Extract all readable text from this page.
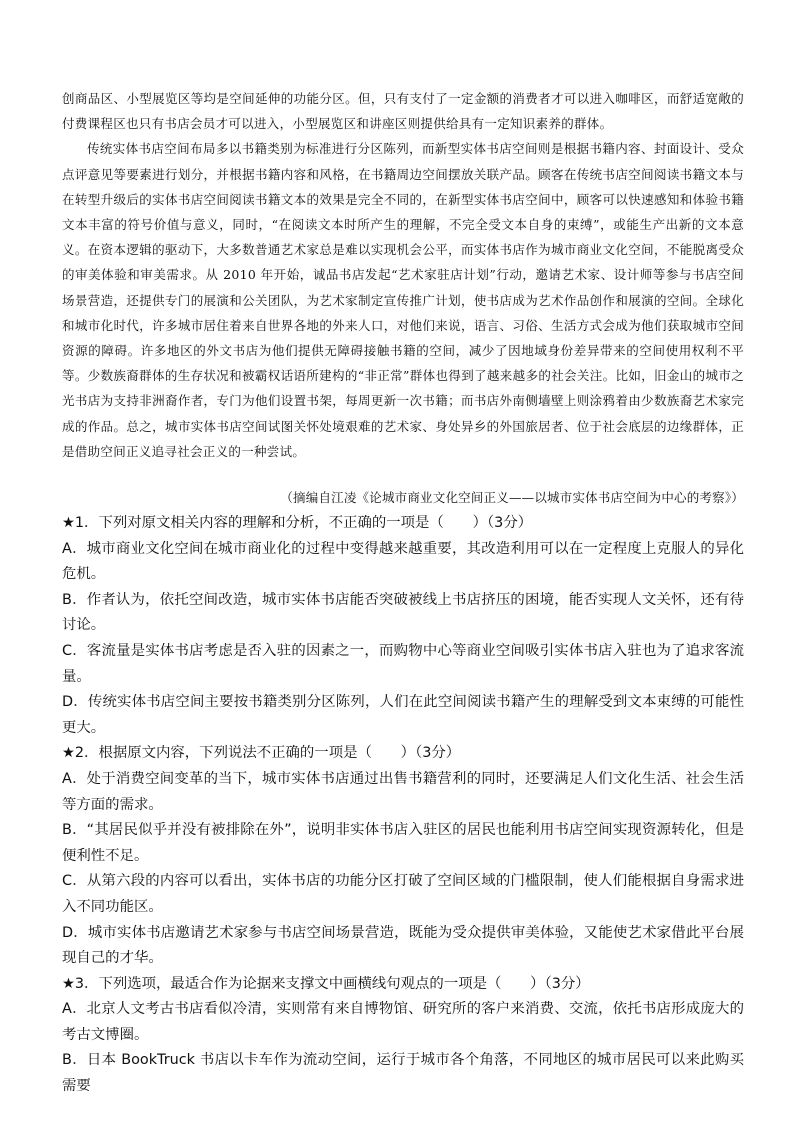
创商品区、小型展览区等均是空间延伸的功能分区。但，只有支付了一定金额的消费者才可以进入咖啡区，而舒适宽敞的付费课程区也只有书店会员才可以进入，小型展览区和讲座区则提供给具有一定知识素养的群体。

传统实体书店空间布局多以书籍类别为标准进行分区陈列，而新型实体书店空间则是根据书籍内容、封面设计、受众点评意见等要素进行划分，并根据书籍内容和风格，在书籍周边空间摆放关联产品。顾客在传统书店空间阅读书籍文本与在转型升级后的实体书店空间阅读书籍文本的效果是完全不同的，在新型实体书店空间中，顾客可以快速感知和体验书籍文本丰富的符号价值与意义，同时，“在阅读文本时所产生的理解，不完全受文本自身的束缚”，或能生产出新的文本意义。在资本逻辑的驱动下，大多数普通艺术家总是难以实现机会公平，而实体书店作为城市商业文化空间，不能脱离受众的审美体验和审美需求。从 2010 年开始，诚品书店发起“艺术家驻店计划”行动，邀请艺术家、设计师等参与书店空间场景营造，还提供专门的展演和公关团队，为艺术家制定宣传推广计划，使书店成为艺术作品创作和展演的空间。全球化和城市化时代，许多城市居住着来自世界各地的外来人口，对他们来说，语言、习俗、生活方式会成为他们获取城市空间资源的障碍。许多地区的外文书店为他们提供无障碍接触书籍的空间，减少了因地域身份差异带来的空间使用权利不平等。少数族裔群体的生存状况和被霸权话语所建构的“非正常”群体也得到了越来越多的社会关注。比如，旧金山的城市之光书店为支持非洲裔作者，专门为他们设置书架，每周更新一次书籍；而书店外南侧墙壁上则涂鸦着由少数族裔艺术家完成的作品。总之，城市实体书店空间试图关怀处境艰难的艺术家、身处异乡的外国旅居者、位于社会底层的边缘群体，正是借助空间正义追寻社会正义的一种尝试。

（摘编自江凌《论城市商业文化空间正义——以城市实体书店空间为中心的考察》）

★1．下列对原文相关内容的理解和分析，不正确的一项是（　　）（3分）

A．城市商业文化空间在城市商业化的过程中变得越来越重要，其改造利用可以在一定程度上克服人的异化危机。

B．作者认为，依托空间改造，城市实体书店能否突破被线上书店挤压的困境，能否实现人文关怀，还有待讨论。

C．客流量是实体书店考虑是否入驻的因素之一，而购物中心等商业空间吸引实体书店入驻也为了追求客流量。

D．传统实体书店空间主要按书籍类别分区陈列，人们在此空间阅读书籍产生的理解受到文本束缚的可能性更大。

★2．根据原文内容，下列说法不正确的一项是（　　）（3分）

A．处于消费空间变革的当下，城市实体书店通过出售书籍营利的同时，还要满足人们文化生活、社会生活等方面的需求。

B．“其居民似乎并没有被排除在外”，说明非实体书店入驻区的居民也能利用书店空间实现资源转化，但是便利性不足。

C．从第六段的内容可以看出，实体书店的功能分区打破了空间区域的门槛限制，使人们能根据自身需求进入不同功能区。

D．城市实体书店邀请艺术家参与书店空间场景营造，既能为受众提供审美体验，又能使艺术家借此平台展现自己的才华。

★3．下列选项，最适合作为论据来支撑文中画横线句观点的一项是（　　）（3分）

A．北京人文考古书店看似冷清，实则常有来自博物馆、研究所的客户来消费、交流，依托书店形成庞大的考古文博圈。

B．日本 BookTruck 书店以卡车作为流动空间，运行于城市各个角落，不同地区的城市居民可以来此购买需要
